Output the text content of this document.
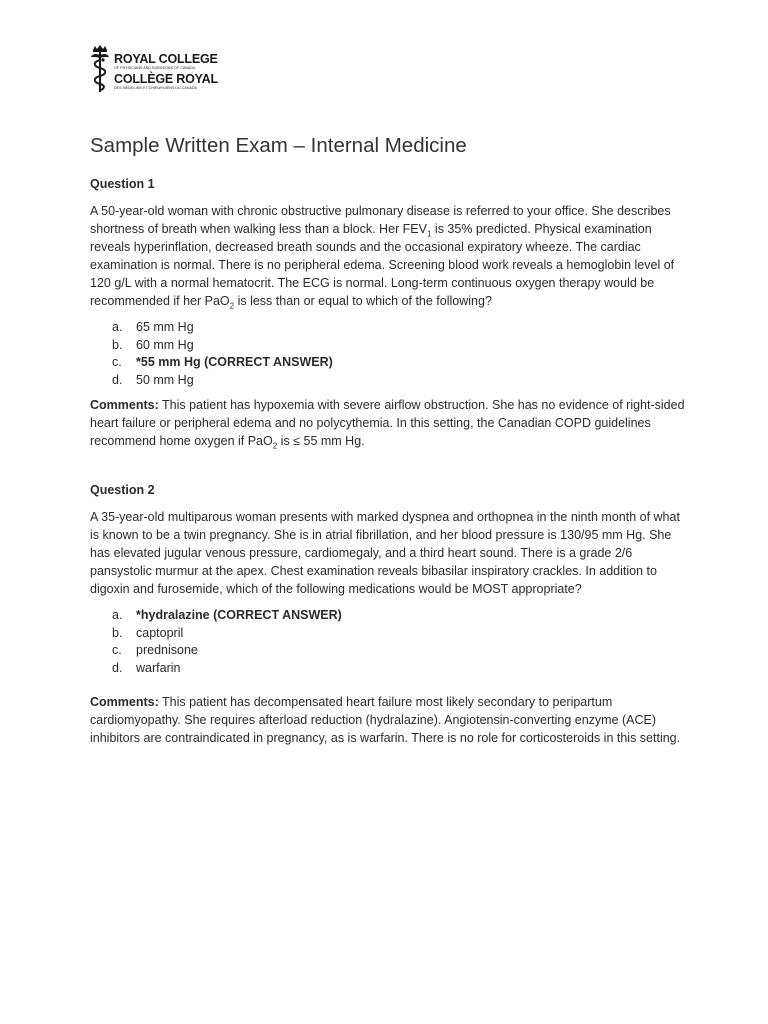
ROYAL COLLEGE
OF PHYSICIANS AND SURGEONS OF CANADA
COLLÈGE ROYAL
DES MÉDECINS ET CHIRURGIENS DU CANADA
Sample Written Exam – Internal Medicine

Question 1

A 50-year-old woman with chronic obstructive pulmonary disease is referred to your office. She describes shortness of breath when walking less than a block. Her $FEV_1$ is 35% predicted. Physical examination reveals hyperinflation, decreased breath sounds and the occasional expiratory wheeze. The cardiac examination is normal. There is no peripheral edema. Screening blood work reveals a hemoglobin level of 120 g/L with a normal hematocrit. The ECG is normal. Long-term continuous oxygen therapy would be recommended if her PaO$_2$ is less than or equal to which of the following?

a.	65 mm Hg
b.	60 mm Hg
c.	*55 mm Hg (CORRECT ANSWER)
d.	50 mm Hg

Comments: This patient has hypoxemia with severe airflow obstruction. She has no evidence of right-sided heart failure or peripheral edema and no polycythemia. In this setting, the Canadian COPD guidelines recommend home oxygen if PaO$_2$ is ≤ 55 mm Hg.

Question 2

A 35-year-old multiparous woman presents with marked dyspnea and orthopnea in the ninth month of what is known to be a twin pregnancy. She is in atrial fibrillation, and her blood pressure is 130/95 mm Hg. She has elevated jugular venous pressure, cardiomegaly, and a third heart sound. There is a grade 2/6 pansystolic murmur at the apex. Chest examination reveals bibasilar inspiratory crackles. In addition to digoxin and furosemide, which of the following medications would be MOST appropriate?

a.	*hydralazine (CORRECT ANSWER)
b.	captopril
c.	prednisone
d.	warfarin

Comments: This patient has decompensated heart failure most likely secondary to peripartum cardiomyopathy. She requires afterload reduction (hydralazine). Angiotensin-converting enzyme (ACE) inhibitors are contraindicated in pregnancy, as is warfarin. There is no role for corticosteroids in this setting.
